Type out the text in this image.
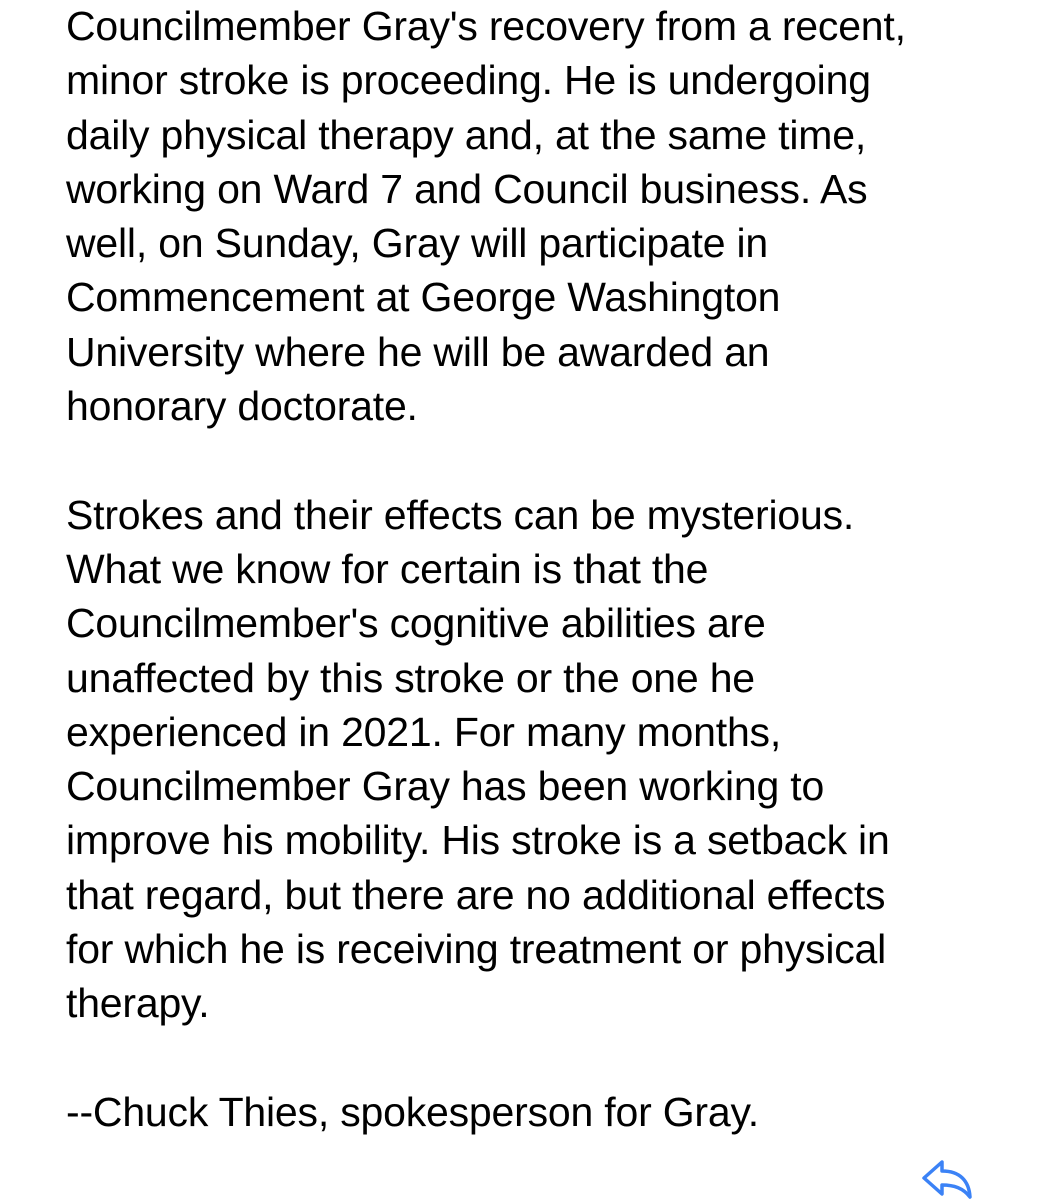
Councilmember Gray's recovery from a recent,
minor stroke is proceeding. He is undergoing
daily physical therapy and, at the same time,
working on Ward 7 and Council business. As
well, on Sunday, Gray will participate in
Commencement at George Washington
University where he will be awarded an
honorary doctorate.
Strokes and their effects can be mysterious.
What we know for certain is that the
Councilmember's cognitive abilities are
unaffected by this stroke or the one he
experienced in 2021. For many months,
Councilmember Gray has been working to
improve his mobility. His stroke is a setback in
that regard, but there are no additional effects
for which he is receiving treatment or physical
therapy.
--Chuck Thies, spokesperson for Gray.
